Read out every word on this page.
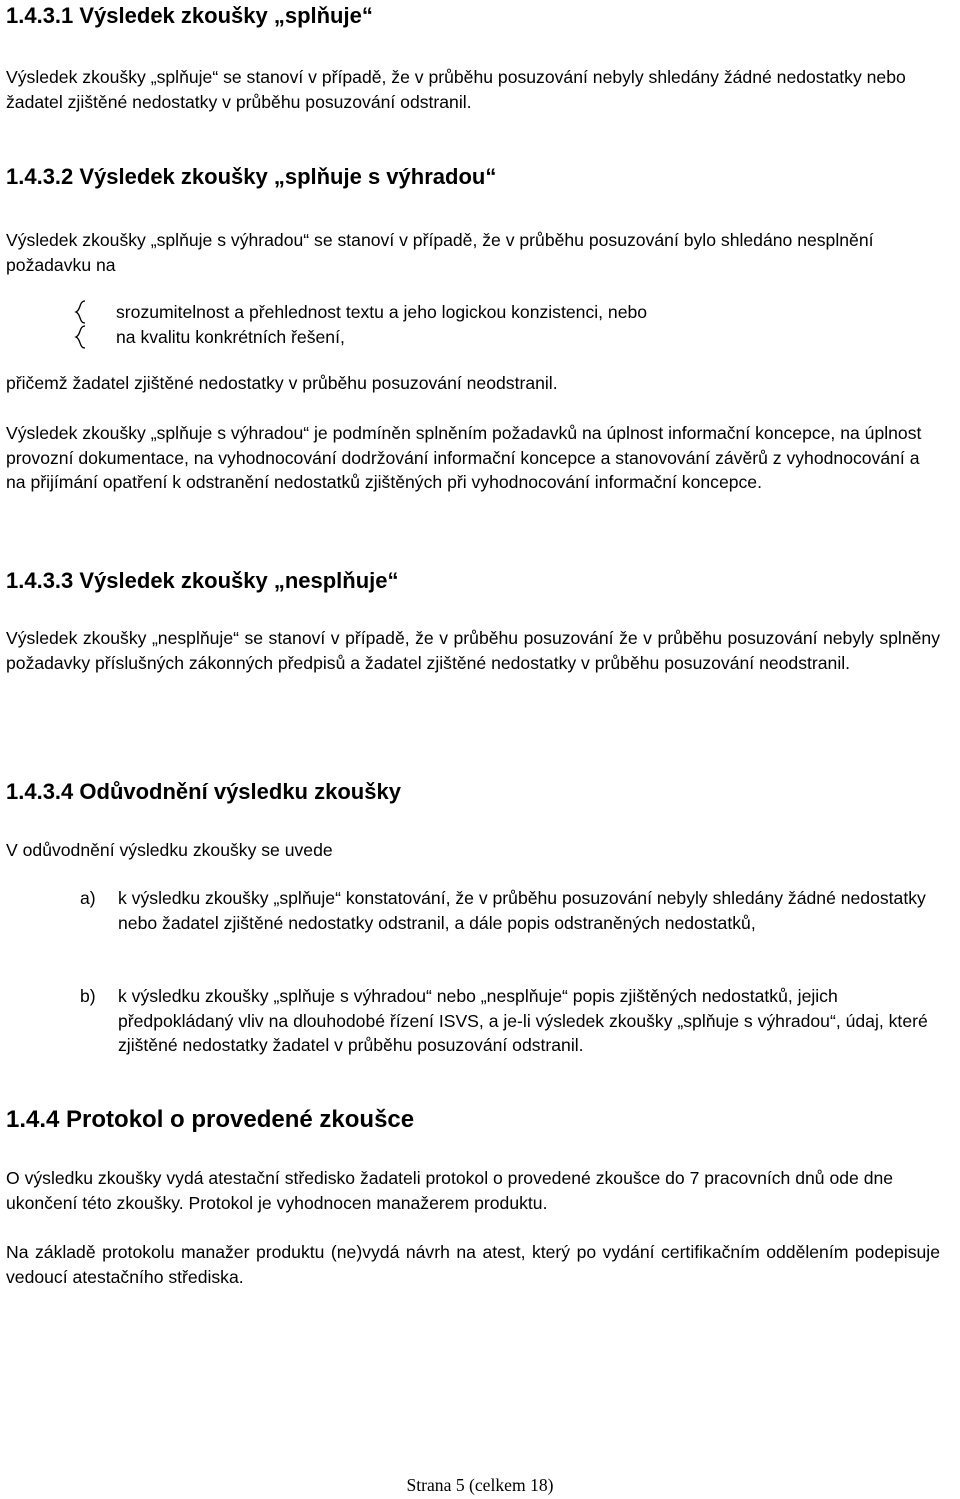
1.4.3.1 Výsledek zkoušky „splňuje“

Výsledek zkoušky „splňuje“ se stanoví v případě, že v průběhu posuzování nebyly shledány žádné nedostatky nebo žadatel zjištěné nedostatky v průběhu posuzování odstranil.

1.4.3.2 Výsledek zkoušky „splňuje s výhradou“

Výsledek zkoušky „splňuje s výhradou“ se stanoví v případě, že v průběhu posuzování bylo shledáno nesplnění požadavku na

srozumitelnost a přehlednost textu a jeho logickou konzistenci, nebo

na kvalitu konkrétních řešení,

přičemž žadatel zjištěné nedostatky v průběhu posuzování neodstranil.

Výsledek zkoušky „splňuje s výhradou“ je podmíněn splněním požadavků na úplnost informační koncepce, na úplnost provozní dokumentace, na vyhodnocování dodržování informační koncepce a stanovování závěrů z vyhodnocování a na přijímání opatření k odstranění nedostatků zjištěných při vyhodnocování informační koncepce.

1.4.3.3 Výsledek zkoušky „nesplňuje“

Výsledek zkoušky „nesplňuje“ se stanoví v případě, že v průběhu posuzování že v průběhu posuzování nebyly splněny požadavky příslušných zákonných předpisů a žadatel zjištěné nedostatky v průběhu posuzování neodstranil.

1.4.3.4 Odůvodnění výsledku zkoušky

V odůvodnění výsledku zkoušky se uvede

a) k výsledku zkoušky „splňuje“ konstatování, že v průběhu posuzování nebyly shledány žádné nedostatky nebo žadatel zjištěné nedostatky odstranil, a dále popis odstraněných nedostatků,

b) k výsledku zkoušky „splňuje s výhradou“ nebo „nesplňuje“ popis zjištěných nedostatků, jejich předpokládaný vliv na dlouhodobé řízení ISVS, a je-li výsledek zkoušky „splňuje s výhradou“, údaj, které zjištěné nedostatky žadatel v průběhu posuzování odstranil.

1.4.4 Protokol o provedené zkoušce

O výsledku zkoušky vydá atestační středisko žadateli protokol o provedené zkoušce do 7 pracovních dnů ode dne ukončení této zkoušky. Protokol je vyhodnocen manažerem produktu.

Na základě protokolu manažer produktu (ne)vydá návrh na atest, který po vydání certifikačním oddělením podepisuje vedoucí atestačního střediska.

Strana 5 (celkem 18)
